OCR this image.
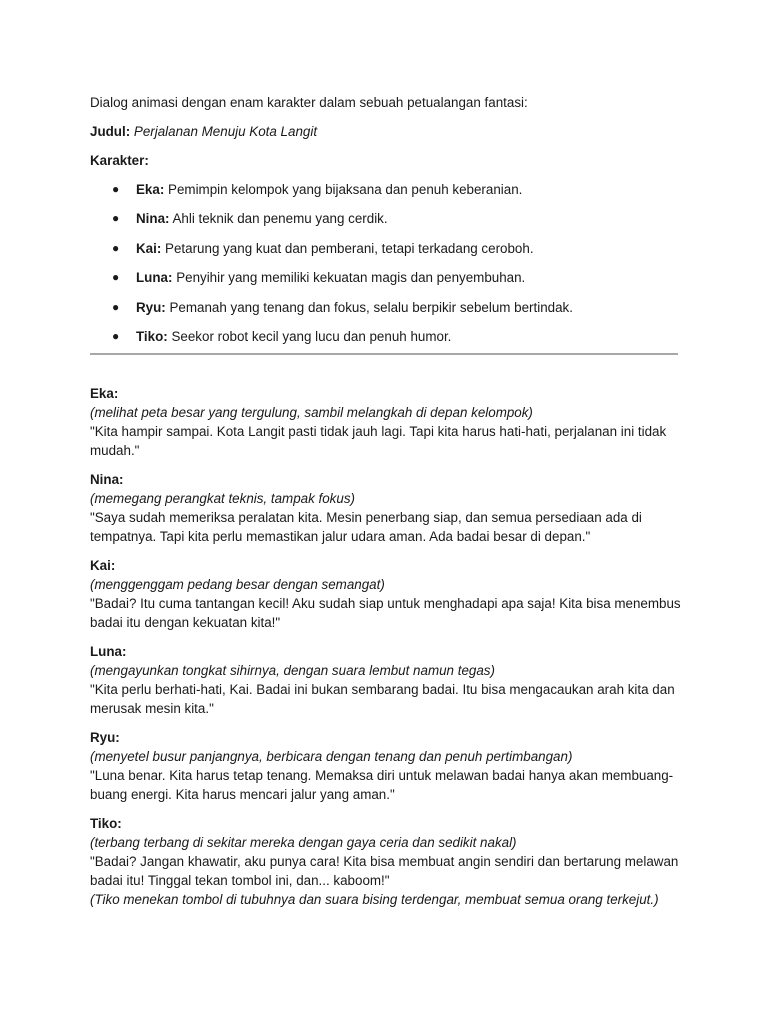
Dialog animasi dengan enam karakter dalam sebuah petualangan fantasi:
Judul: Perjalanan Menuju Kota Langit
Karakter:
● Eka: Pemimpin kelompok yang bijaksana dan penuh keberanian.
● Nina: Ahli teknik dan penemu yang cerdik.
● Kai: Petarung yang kuat dan pemberani, tetapi terkadang ceroboh.
● Luna: Penyihir yang memiliki kekuatan magis dan penyembuhan.
● Ryu: Pemanah yang tenang dan fokus, selalu berpikir sebelum bertindak.
● Tiko: Seekor robot kecil yang lucu dan penuh humor.
Eka:
(melihat peta besar yang tergulung, sambil melangkah di depan kelompok)
"Kita hampir sampai. Kota Langit pasti tidak jauh lagi. Tapi kita harus hati-hati, perjalanan ini tidak mudah."
Nina:
(memegang perangkat teknis, tampak fokus)
"Saya sudah memeriksa peralatan kita. Mesin penerbang siap, dan semua persediaan ada di tempatnya. Tapi kita perlu memastikan jalur udara aman. Ada badai besar di depan."
Kai:
(menggenggam pedang besar dengan semangat)
"Badai? Itu cuma tantangan kecil! Aku sudah siap untuk menghadapi apa saja! Kita bisa menembus badai itu dengan kekuatan kita!"
Luna:
(mengayunkan tongkat sihirnya, dengan suara lembut namun tegas)
"Kita perlu berhati-hati, Kai. Badai ini bukan sembarang badai. Itu bisa mengacaukan arah kita dan merusak mesin kita."
Ryu:
(menyetel busur panjangnya, berbicara dengan tenang dan penuh pertimbangan)
"Luna benar. Kita harus tetap tenang. Memaksa diri untuk melawan badai hanya akan membuang-buang energi. Kita harus mencari jalur yang aman."
Tiko:
(terbang terbang di sekitar mereka dengan gaya ceria dan sedikit nakal)
"Badai? Jangan khawatir, aku punya cara! Kita bisa membuat angin sendiri dan bertarung melawan badai itu! Tinggal tekan tombol ini, dan... kaboom!"
(Tiko menekan tombol di tubuhnya dan suara bising terdengar, membuat semua orang terkejut.)
